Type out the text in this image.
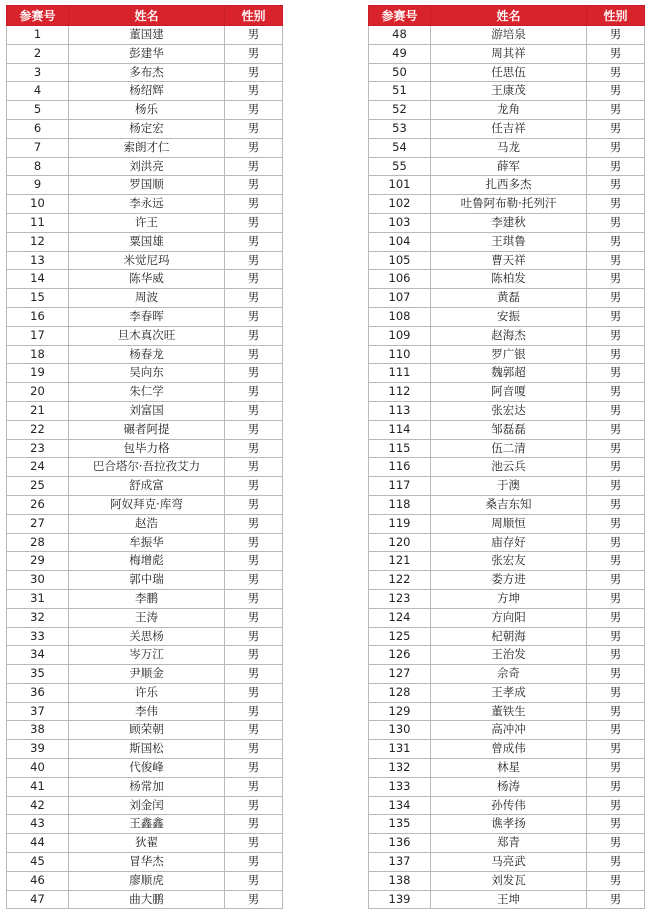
参赛号	姓名	性别
1	董国建	男
2	彭建华	男
3	多布杰	男
4	杨绍辉	男
5	杨乐	男
6	杨定宏	男
7	索朗才仁	男
8	刘洪亮	男
9	罗国顺	男
10	李永远	男
11	许王	男
12	粟国雄	男
13	米觉尼玛	男
14	陈华威	男
15	周波	男
16	李春晖	男
17	旦木真次旺	男
18	杨春龙	男
19	吴向东	男
20	朱仁学	男
21	刘富国	男
22	碾者阿提	男
23	包毕力格	男
24	巴合塔尔·吾拉孜艾力	男
25	舒成富	男
26	阿奴拜克·库弯	男
27	赵浩	男
28	牟振华	男
29	梅增彪	男
30	郭中瑞	男
31	李鹏	男
32	王涛	男
33	关思杨	男
34	岑万江	男
35	尹顺金	男
36	许乐	男
37	李伟	男
38	顾荣朝	男
39	斯国松	男
40	代俊峰	男
41	杨常加	男
42	刘金闰	男
43	王鑫鑫	男
44	狄翟	男
45	冒华杰	男
46	廖顺虎	男
47	曲大鹏	男
参赛号	姓名	性别
48	游培泉	男
49	周其祥	男
50	任思伍	男
51	王康茂	男
52	龙角	男
53	任吉祥	男
54	马龙	男
55	薛军	男
101	扎西多杰	男
102	吐鲁阿布勒·托列汗	男
103	李建秋	男
104	王琪鲁	男
105	曹天祥	男
106	陈柏发	男
107	黄磊	男
108	安振	男
109	赵海杰	男
110	罗广银	男
111	魏郭超	男
112	阿音嗄	男
113	张宏达	男
114	邹磊磊	男
115	伍二清	男
116	池云兵	男
117	于澳	男
118	桑吉东知	男
119	周顺恒	男
120	庙存好	男
121	张宏友	男
122	娄方进	男
123	方坤	男
124	方向阳	男
125	杞朝海	男
126	王治发	男
127	佘奇	男
128	王孝成	男
129	董铁生	男
130	高冲冲	男
131	曾成伟	男
132	林星	男
133	杨涛	男
134	孙传伟	男
135	谯孝扬	男
136	郑青	男
137	马亮武	男
138	刘发瓦	男
139	王坤	男
